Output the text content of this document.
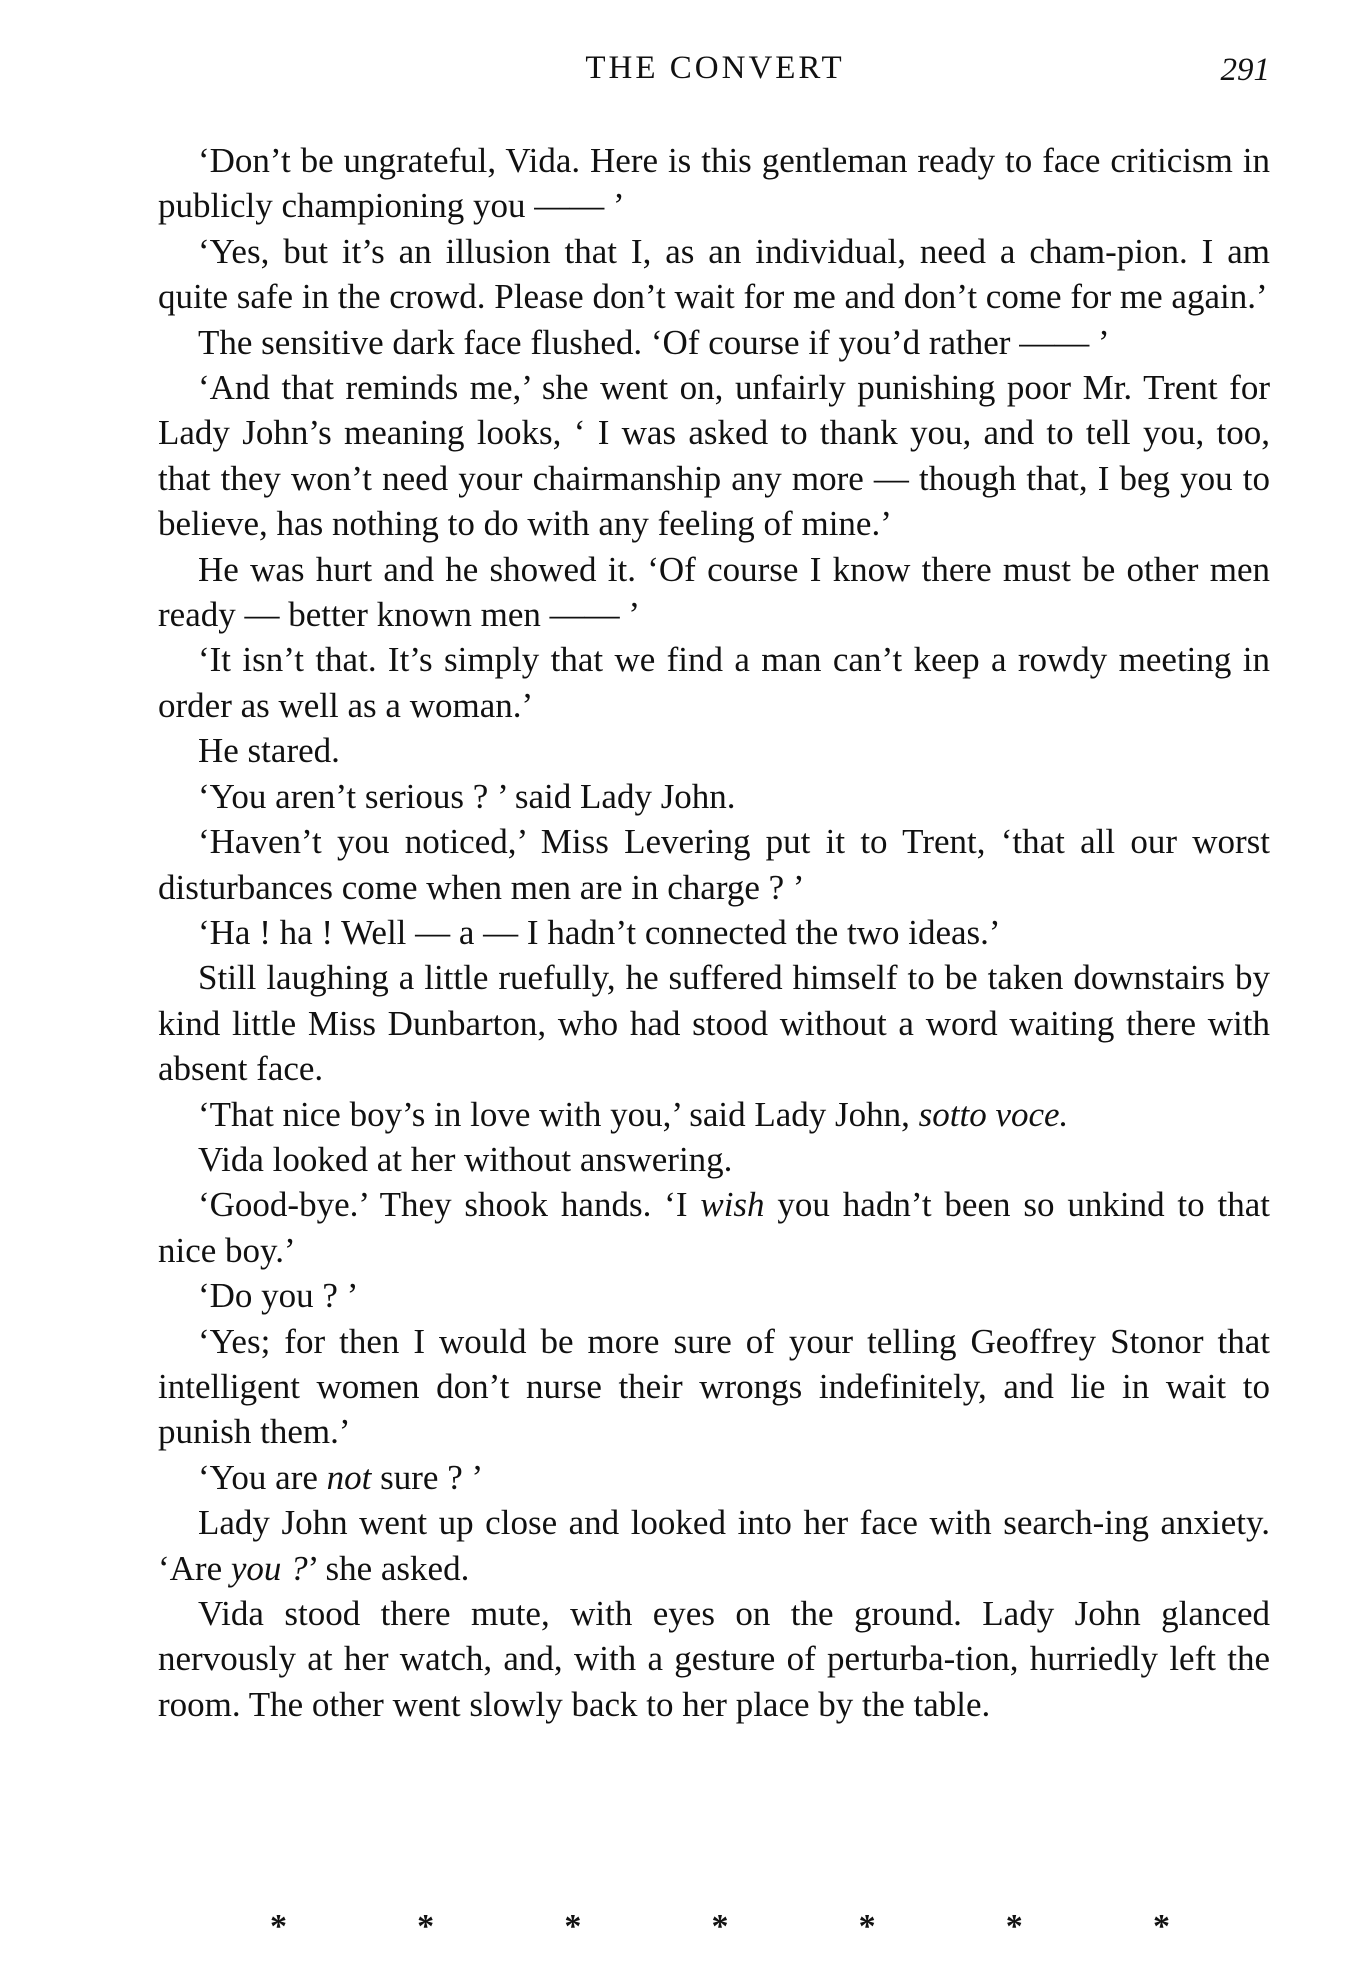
THE CONVERT	291

‘Don’t be ungrateful, Vida. Here is this gentleman ready to face criticism in publicly championing you —— ’

‘Yes, but it’s an illusion that I, as an individual, need a cham-pion. I am quite safe in the crowd. Please don’t wait for me and don’t come for me again.’

The sensitive dark face flushed. ‘Of course if you’d rather —— ’

‘And that reminds me,’ she went on, unfairly punishing poor Mr. Trent for Lady John’s meaning looks, ‘ I was asked to thank you, and to tell you, too, that they won’t need your chairmanship any more — though that, I beg you to believe, has nothing to do with any feeling of mine.’

He was hurt and he showed it. ‘Of course I know there must be other men ready — better known men —— ’

‘It isn’t that. It’s simply that we find a man can’t keep a rowdy meeting in order as well as a woman.’

He stared.

‘You aren’t serious ? ’ said Lady John.

‘Haven’t you noticed,’ Miss Levering put it to Trent, ‘that all our worst disturbances come when men are in charge ? ’

‘Ha ! ha ! Well — a — I hadn’t connected the two ideas.’

Still laughing a little ruefully, he suffered himself to be taken downstairs by kind little Miss Dunbarton, who had stood without a word waiting there with absent face.

‘That nice boy’s in love with you,’ said Lady John, sotto voce.

Vida looked at her without answering.

‘Good-bye.’ They shook hands. ‘I wish you hadn’t been so unkind to that nice boy.’

‘Do you ? ’

‘Yes; for then I would be more sure of your telling Geoffrey Stonor that intelligent women don’t nurse their wrongs indefinitely, and lie in wait to punish them.’

‘You are not sure ? ’

Lady John went up close and looked into her face with search-ing anxiety. ‘Are you ?’ she asked.

Vida stood there mute, with eyes on the ground. Lady John glanced nervously at her watch, and, with a gesture of perturba-tion, hurriedly left the room. The other went slowly back to her place by the table.

*	*	*	*	*	*	*
